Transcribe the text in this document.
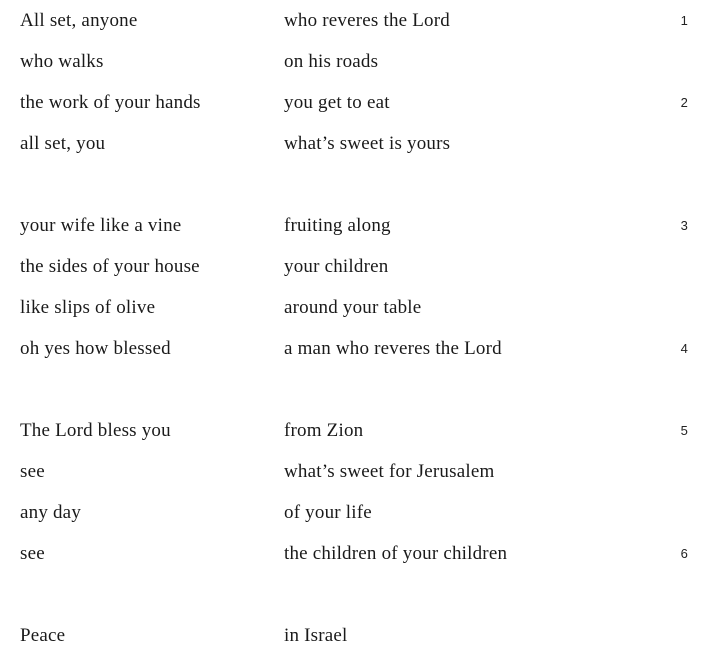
All set, anyone	who reveres the Lord	1
who walks	on his roads
the work of your hands	you get to eat	2
all set, you	what’s sweet is yours
your wife like a vine	fruiting along	3
the sides of your house	your children
like slips of olive	around your table
oh yes how blessed	a man who reveres the Lord	4
The Lord bless you	from Zion	5
see	what’s sweet for Jerusalem
any day	of your life
see	the children of your children	6
Peace	in Israel
